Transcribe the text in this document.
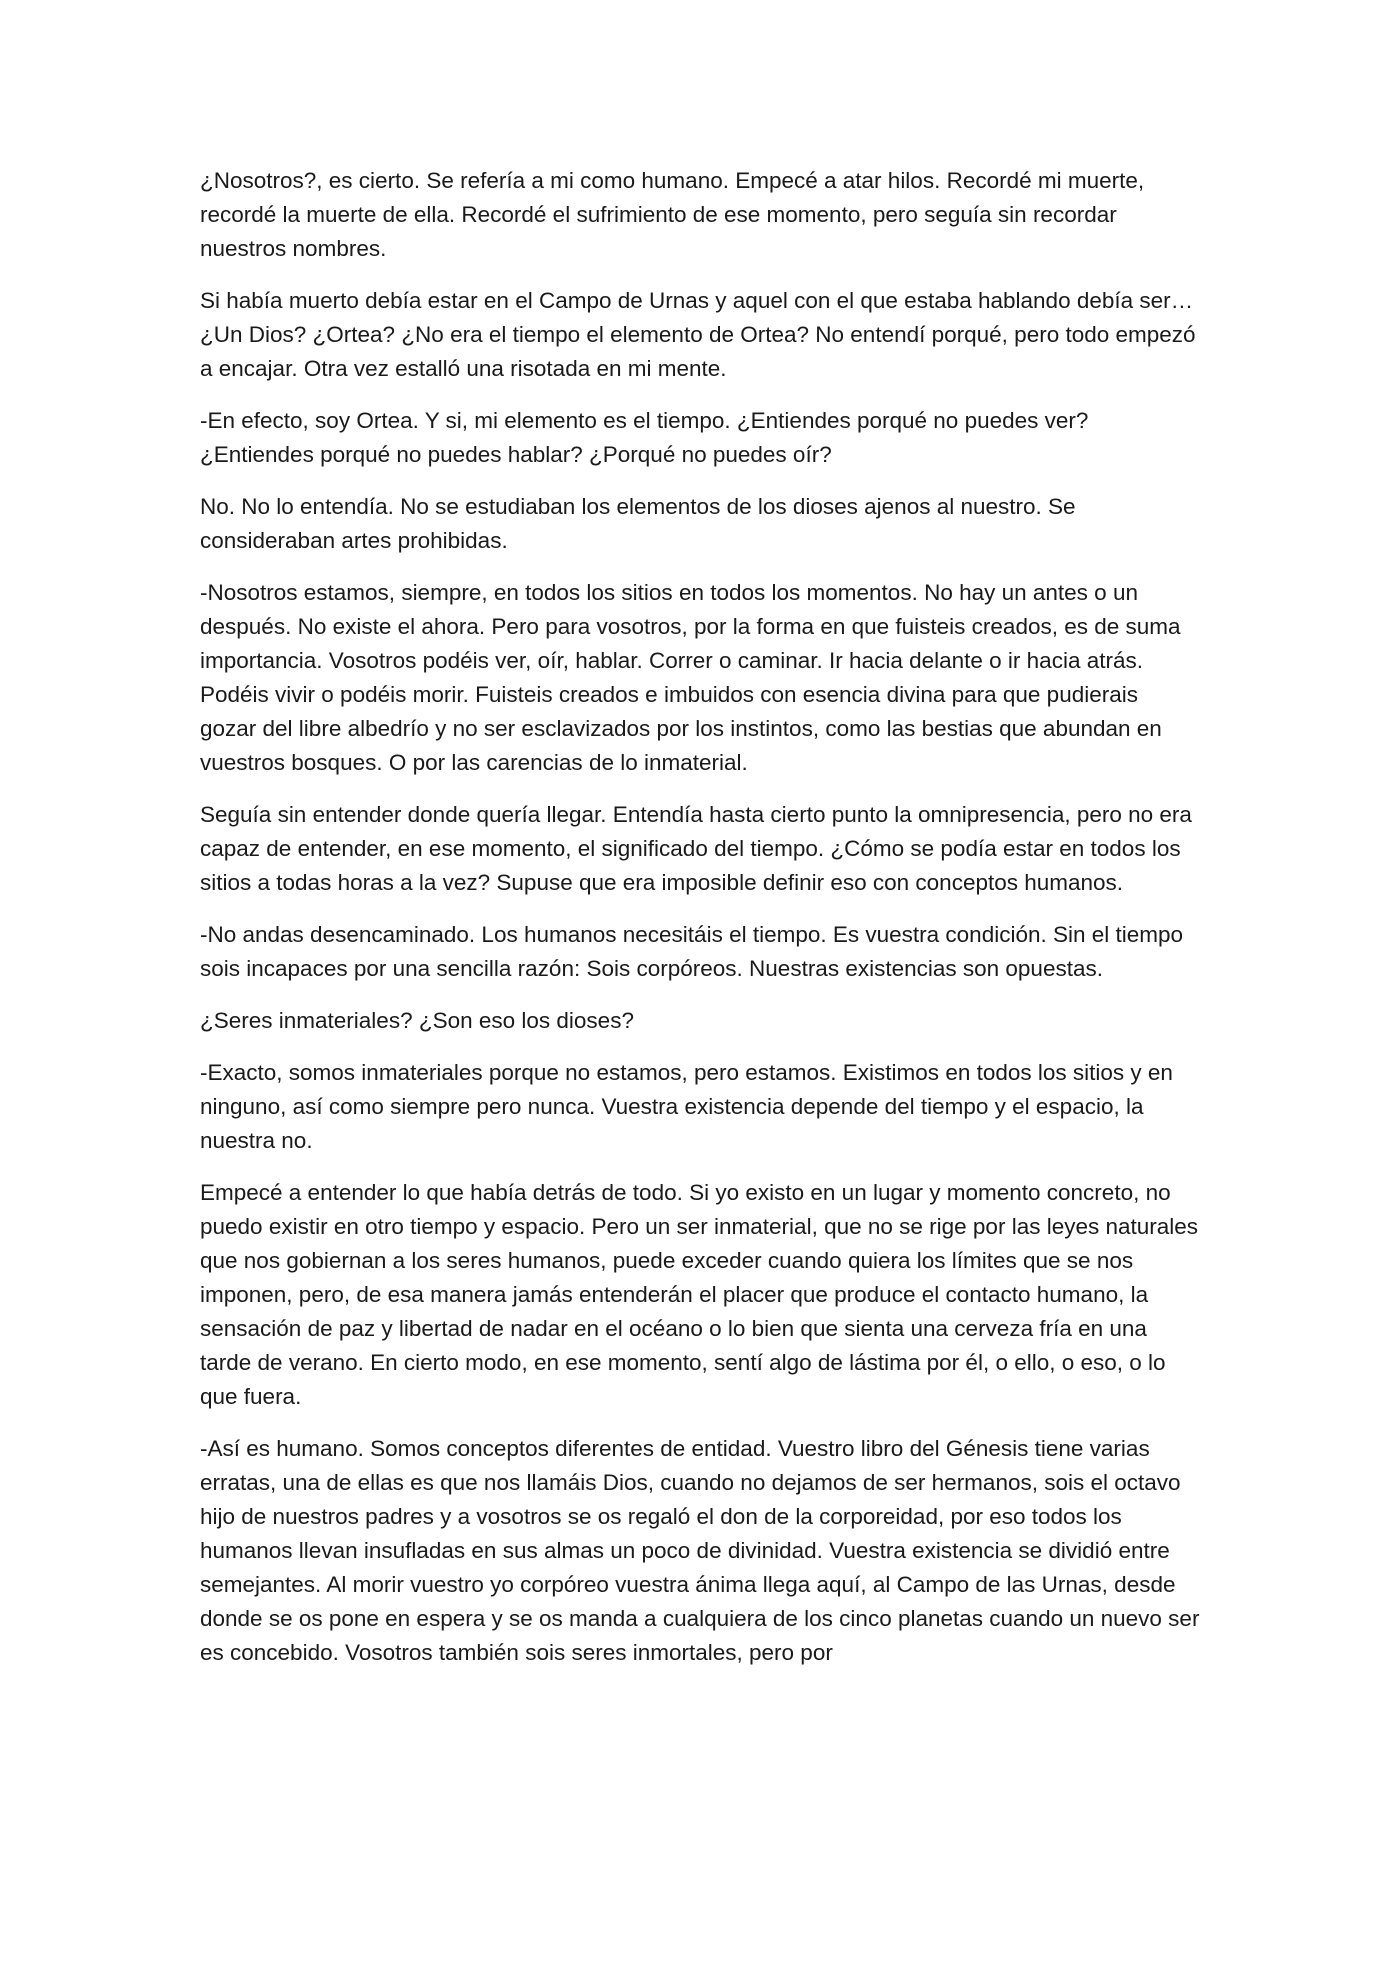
¿Nosotros?, es cierto. Se refería a mi como humano. Empecé a atar hilos. Recordé mi muerte, recordé la muerte de ella. Recordé el sufrimiento de ese momento, pero seguía sin recordar nuestros nombres.

Si había muerto debía estar en el Campo de Urnas y aquel con el que estaba hablando debía ser… ¿Un Dios? ¿Ortea? ¿No era el tiempo el elemento de Ortea? No entendí porqué, pero todo empezó a encajar. Otra vez estalló una risotada en mi mente.

-En efecto, soy Ortea. Y si, mi elemento es el tiempo. ¿Entiendes porqué no puedes ver? ¿Entiendes porqué no puedes hablar? ¿Porqué no puedes oír?

No. No lo entendía. No se estudiaban los elementos de los dioses ajenos al nuestro. Se consideraban artes prohibidas.

-Nosotros estamos, siempre, en todos los sitios en todos los momentos. No hay un antes o un después. No existe el ahora. Pero para vosotros, por la forma en que fuisteis creados, es de suma importancia. Vosotros podéis ver, oír, hablar. Correr o caminar. Ir hacia delante o ir hacia atrás. Podéis vivir o podéis morir. Fuisteis creados e imbuidos con esencia divina para que pudierais gozar del libre albedrío y no ser esclavizados por los instintos, como las bestias que abundan en vuestros bosques. O por las carencias de lo inmaterial.

Seguía sin entender donde quería llegar. Entendía hasta cierto punto la omnipresencia, pero no era capaz de entender, en ese momento, el significado del tiempo. ¿Cómo se podía estar en todos los sitios a todas horas a la vez? Supuse que era imposible definir eso con conceptos humanos.

-No andas desencaminado. Los humanos necesitáis el tiempo. Es vuestra condición. Sin el tiempo sois incapaces por una sencilla razón: Sois corpóreos. Nuestras existencias son opuestas.

¿Seres inmateriales? ¿Son eso los dioses?

-Exacto, somos inmateriales porque no estamos, pero estamos. Existimos en todos los sitios y en ninguno, así como siempre pero nunca. Vuestra existencia depende del tiempo y el espacio, la nuestra no.

Empecé a entender lo que había detrás de todo. Si yo existo en un lugar y momento concreto, no puedo existir en otro tiempo y espacio. Pero un ser inmaterial, que no se rige por las leyes naturales que nos gobiernan a los seres humanos, puede exceder cuando quiera los límites que se nos imponen, pero, de esa manera jamás entenderán el placer que produce el contacto humano, la sensación de paz y libertad de nadar en el océano o lo bien que sienta una cerveza fría en una tarde de verano. En cierto modo, en ese momento, sentí algo de lástima por él, o ello, o eso, o lo que fuera.

-Así es humano. Somos conceptos diferentes de entidad. Vuestro libro del Génesis tiene varias erratas, una de ellas es que nos llamáis Dios, cuando no dejamos de ser hermanos, sois el octavo hijo de nuestros padres y a vosotros se os regaló el don de la corporeidad, por eso todos los humanos llevan insufladas en sus almas un poco de divinidad. Vuestra existencia se dividió entre semejantes. Al morir vuestro yo corpóreo vuestra ánima llega aquí, al Campo de las Urnas, desde donde se os pone en espera y se os manda a cualquiera de los cinco planetas cuando un nuevo ser es concebido. Vosotros también sois seres inmortales, pero por
